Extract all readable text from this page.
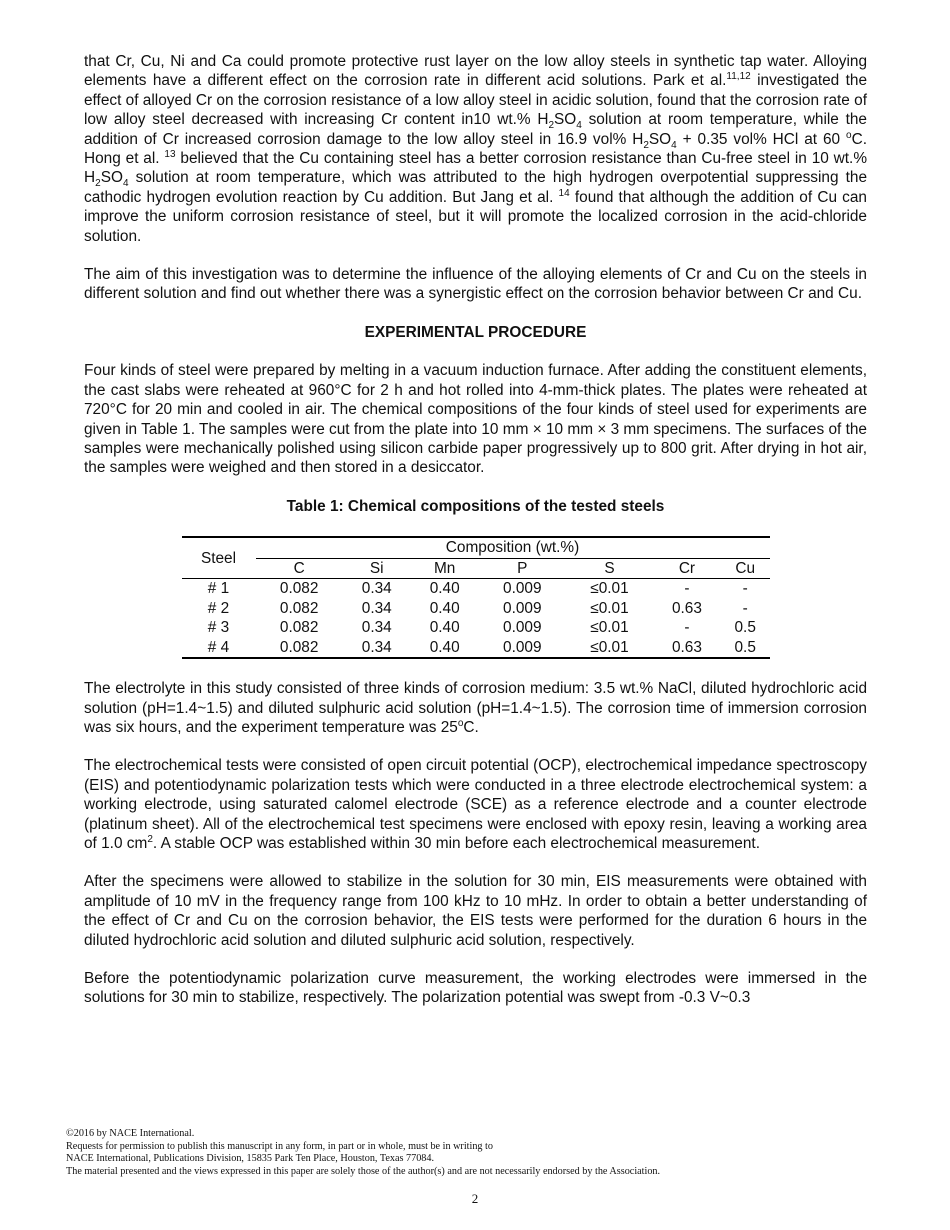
that Cr, Cu, Ni and Ca could promote protective rust layer on the low alloy steels in synthetic tap water. Alloying elements have a different effect on the corrosion rate in different acid solutions. Park et al.$^{11,12}$ investigated the effect of alloyed Cr on the corrosion resistance of a low alloy steel in acidic solution, found that the corrosion rate of low alloy steel decreased with increasing Cr content in10 wt.% $H_2SO_4$ solution at room temperature, while the addition of Cr increased corrosion damage to the low alloy steel in 16.9 vol% $H_2SO_4 + 0.35$ vol% HCl at 60 $^o$C. Hong et al. $^{13}$ believed that the Cu containing steel has a better corrosion resistance than Cu-free steel in 10 wt.% $H_2SO_4$ solution at room temperature, which was attributed to the high hydrogen overpotential suppressing the cathodic hydrogen evolution reaction by Cu addition. But Jang et al. $^{14}$ found that although the addition of Cu can improve the uniform corrosion resistance of steel, but it will promote the localized corrosion in the acid-chloride solution.

The aim of this investigation was to determine the influence of the alloying elements of Cr and Cu on the steels in different solution and find out whether there was a synergistic effect on the corrosion behavior between Cr and Cu.

EXPERIMENTAL PROCEDURE

Four kinds of steel were prepared by melting in a vacuum induction furnace. After adding the constituent elements, the cast slabs were reheated at 960°C for 2 h and hot rolled into 4-mm-thick plates. The plates were reheated at 720°C for 20 min and cooled in air. The chemical compositions of the four kinds of steel used for experiments are given in Table 1. The samples were cut from the plate into 10 mm × 10 mm × 3 mm specimens. The surfaces of the samples were mechanically polished using silicon carbide paper progressively up to 800 grit. After drying in hot air, the samples were weighed and then stored in a desiccator.

Table 1: Chemical compositions of the tested steels

Steel	Composition (wt.%)						
	C	Si	Mn	P	S	Cr	Cu
# 1	0.082	0.34	0.40	0.009	≤0.01	-	-
# 2	0.082	0.34	0.40	0.009	≤0.01	0.63	-
# 3	0.082	0.34	0.40	0.009	≤0.01	-	0.5
# 4	0.082	0.34	0.40	0.009	≤0.01	0.63	0.5

The electrolyte in this study consisted of three kinds of corrosion medium: 3.5 wt.% NaCl, diluted hydrochloric acid solution (pH=1.4~1.5) and diluted sulphuric acid solution (pH=1.4~1.5). The corrosion time of immersion corrosion was six hours, and the experiment temperature was 25$^o$C.

The electrochemical tests were consisted of open circuit potential (OCP), electrochemical impedance spectroscopy (EIS) and potentiodynamic polarization tests which were conducted in a three electrode electrochemical system: a working electrode, using saturated calomel electrode (SCE) as a reference electrode and a counter electrode (platinum sheet). All of the electrochemical test specimens were enclosed with epoxy resin, leaving a working area of 1.0 $cm^2$. A stable OCP was established within 30 min before each electrochemical measurement.

After the specimens were allowed to stabilize in the solution for 30 min, EIS measurements were obtained with amplitude of 10 mV in the frequency range from 100 kHz to 10 mHz. In order to obtain a better understanding of the effect of Cr and Cu on the corrosion behavior, the EIS tests were performed for the duration 6 hours in the diluted hydrochloric acid solution and diluted sulphuric acid solution, respectively.

Before the potentiodynamic polarization curve measurement, the working electrodes were immersed in the solutions for 30 min to stabilize, respectively. The polarization potential was swept from -0.3 V~0.3

©2016 by NACE International.
Requests for permission to publish this manuscript in any form, in part or in whole, must be in writing to
NACE International, Publications Division, 15835 Park Ten Place, Houston, Texas 77084.
The material presented and the views expressed in this paper are solely those of the author(s) and are not necessarily endorsed by the Association.
2
